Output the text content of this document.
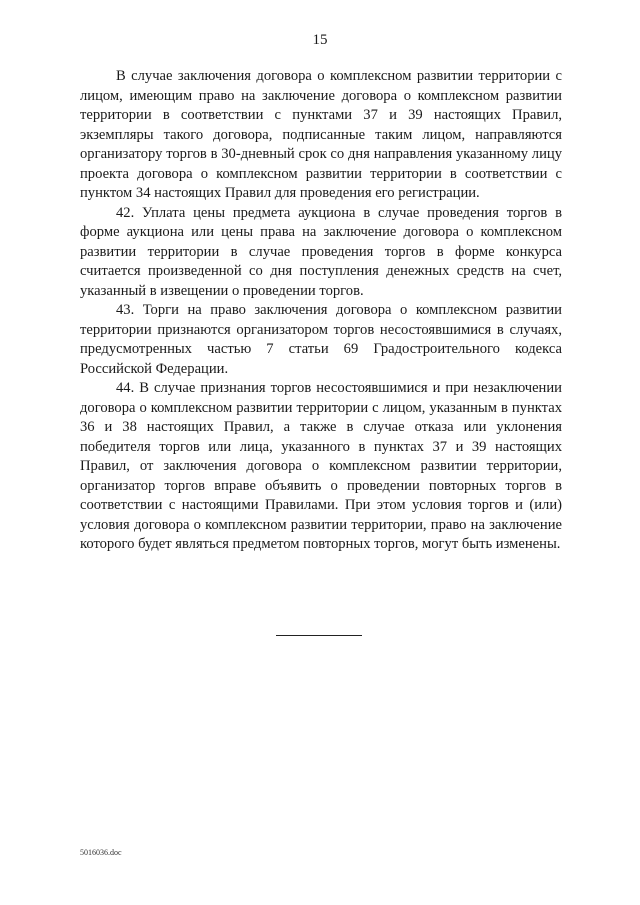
15

В случае заключения договора о комплексном развитии территории с лицом, имеющим право на заключение договора о комплексном развитии территории в соответствии с пунктами 37 и 39 настоящих Правил, экземпляры такого договора, подписанные таким лицом, направляются организатору торгов в 30-дневный срок со дня направления указанному лицу проекта договора о комплексном развитии территории в соответствии с пунктом 34 настоящих Правил для проведения его регистрации.

42. Уплата цены предмета аукциона в случае проведения торгов в форме аукциона или цены права на заключение договора о комплексном развитии территории в случае проведения торгов в форме конкурса считается произведенной со дня поступления денежных средств на счет, указанный в извещении о проведении торгов.

43. Торги на право заключения договора о комплексном развитии территории признаются организатором торгов несостоявшимися в случаях, предусмотренных частью 7 статьи 69 Градостроительного кодекса Российской Федерации.

44. В случае признания торгов несостоявшимися и при незаключении договора о комплексном развитии территории с лицом, указанным в пунктах 36 и 38 настоящих Правил, а также в случае отказа или уклонения победителя торгов или лица, указанного в пунктах 37 и 39 настоящих Правил, от заключения договора о комплексном развитии территории, организатор торгов вправе объявить о проведении повторных торгов в соответствии с настоящими Правилами. При этом условия торгов и (или) условия договора о комплексном развитии территории, право на заключение которого будет являться предметом повторных торгов, могут быть изменены.

5016036.doc
